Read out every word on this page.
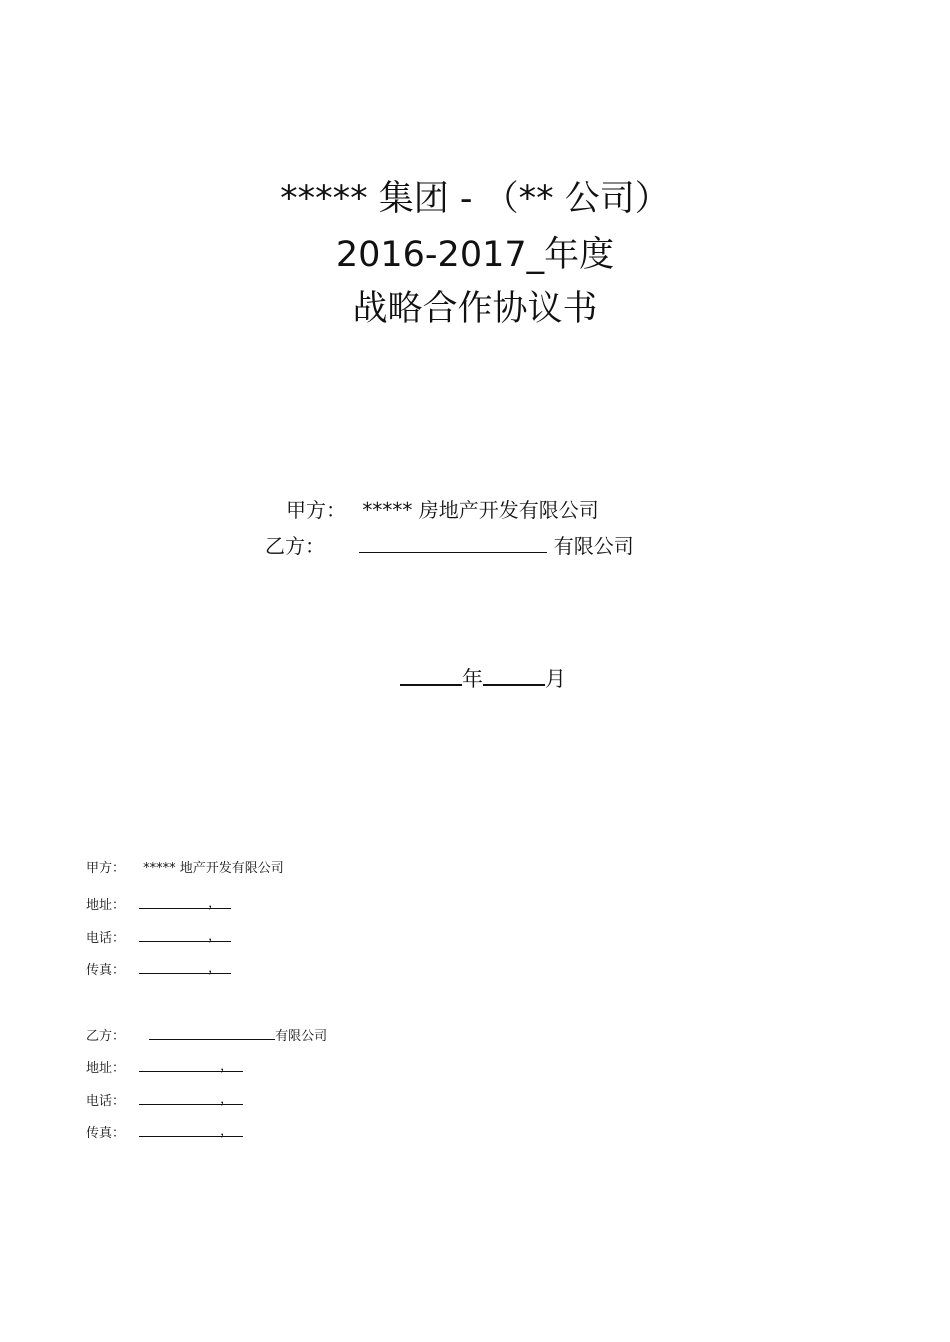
***** 集团 - （** 公司）
2016-2017_年度
战略合作协议书
甲方： ***** 房地产开发有限公司
乙方：	有限公司
年	月
甲方： ***** 地产开发有限公司
地址：	，
电话：	，
传真：	，
乙方：	有限公司
地址：	，
电话：	，
传真：	，
